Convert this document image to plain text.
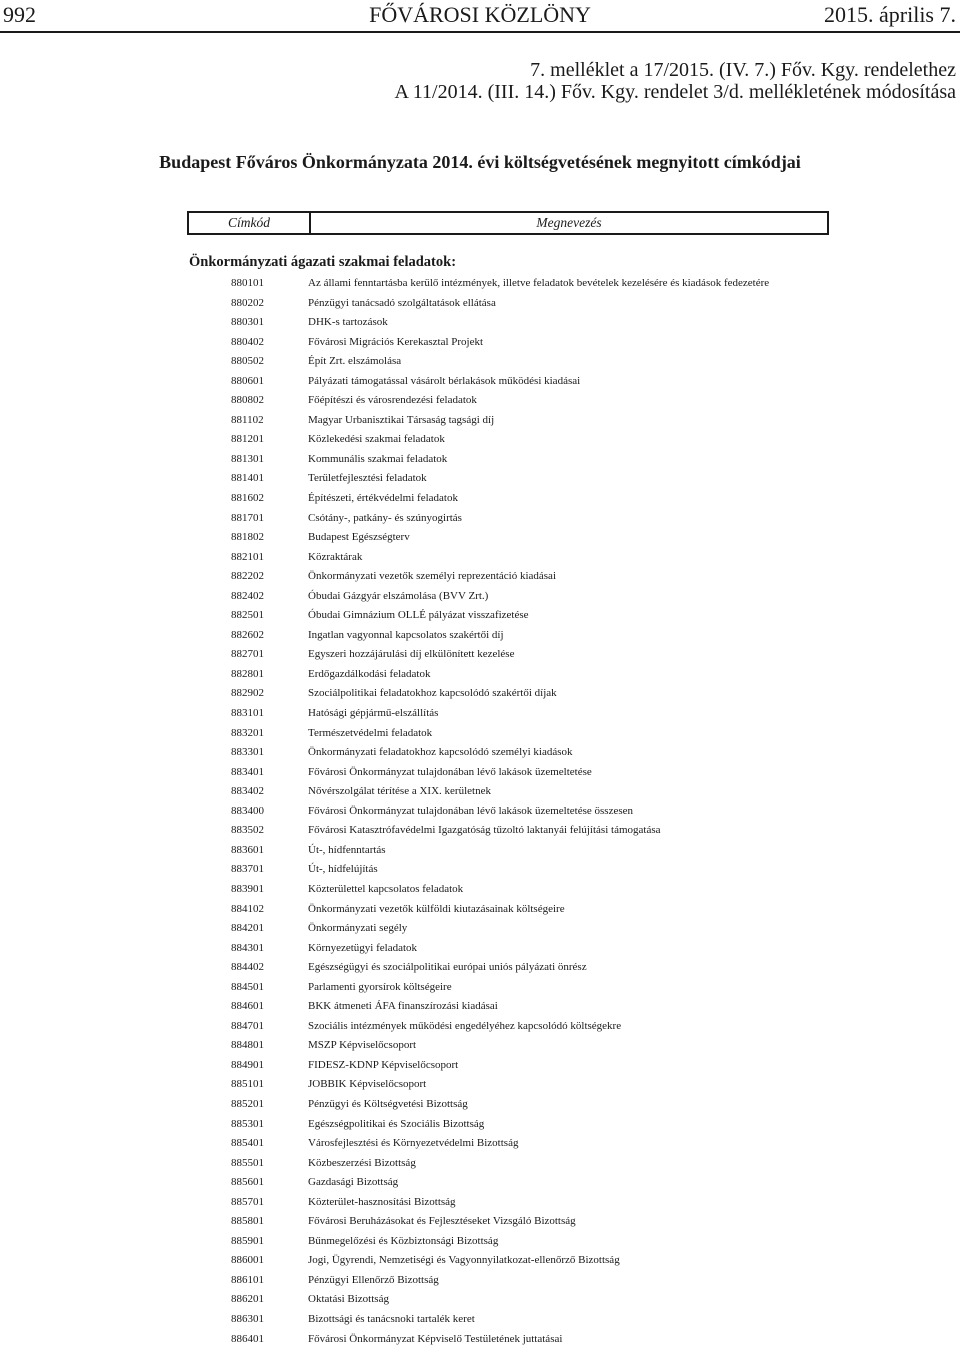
FŐVÁROSI KÖZLÖNY
992	2015. április 7.
7. melléklet a 17/2015. (IV. 7.) Főv. Kgy. rendelethez
A 11/2014. (III. 14.) Főv. Kgy. rendelet 3/d. mellékletének módosítása
Budapest Főváros Önkormányzata 2014. évi költségvetésének megnyitott címkódjai
Címkód	Megnevezés
Önkormányzati ágazati szakmai feladatok:
880101	Az állami fenntartásba kerülő intézmények, illetve feladatok bevételek kezelésére és kiadások fedezetére
880202	Pénzügyi tanácsadó szolgáltatások ellátása
880301	DHK-s tartozások
880402	Fővárosi Migrációs Kerekasztal Projekt
880502	Épít Zrt. elszámolása
880601	Pályázati támogatással vásárolt bérlakások működési kiadásai
880802	Főépítészi és városrendezési feladatok
881102	Magyar Urbanisztikai Társaság tagsági díj
881201	Közlekedési szakmai feladatok
881301	Kommunális szakmai feladatok
881401	Területfejlesztési feladatok
881602	Építészeti, értékvédelmi feladatok
881701	Csótány-, patkány- és szúnyogirtás
881802	Budapest Egészségterv
882101	Közraktárak
882202	Önkormányzati vezetők személyi reprezentáció kiadásai
882402	Óbudai Gázgyár elszámolása (BVV Zrt.)
882501	Óbudai Gimnázium OLLÉ pályázat visszafizetése
882602	Ingatlan vagyonnal kapcsolatos szakértői díj
882701	Egyszeri hozzájárulási díj elkülönített kezelése
882801	Erdőgazdálkodási feladatok
882902	Szociálpolitikai feladatokhoz kapcsolódó szakértői díjak
883101	Hatósági gépjármű-elszállítás
883201	Természetvédelmi feladatok
883301	Önkormányzati feladatokhoz kapcsolódó személyi kiadások
883401	Fővárosi Önkormányzat tulajdonában lévő lakások üzemeltetése
883402	Nővérszolgálat térítése a XIX. kerületnek
883400	Fővárosi Önkormányzat tulajdonában lévő lakások üzemeltetése összesen
883502	Fővárosi Katasztrófavédelmi Igazgatóság tűzoltó laktanyái felújítási támogatása
883601	Út-, hídfenntartás
883701	Út-, hídfelújítás
883901	Közterülettel kapcsolatos feladatok
884102	Önkormányzati vezetők külföldi kiutazásainak költségeire
884201	Önkormányzati segély
884301	Környezetügyi feladatok
884402	Egészségügyi és szociálpolitikai európai uniós pályázati önrész
884501	Parlamenti gyorsírok költségeire
884601	BKK átmeneti ÁFA finanszírozási kiadásai
884701	Szociális intézmények működési engedélyéhez kapcsolódó költségekre
884801	MSZP Képviselőcsoport
884901	FIDESZ-KDNP Képviselőcsoport
885101	JOBBIK Képviselőcsoport
885201	Pénzügyi és Költségvetési Bizottság
885301	Egészségpolitikai és Szociális Bizottság
885401	Városfejlesztési és Környezetvédelmi Bizottság
885501	Közbeszerzési Bizottság
885601	Gazdasági Bizottság
885701	Közterület-hasznosítási Bizottság
885801	Fővárosi Beruházásokat és Fejlesztéseket Vizsgáló Bizottság
885901	Bűnmegelőzési és Közbiztonsági Bizottság
886001	Jogi, Ügyrendi, Nemzetiségi és Vagyonnyilatkozat-ellenőrző Bizottság
886101	Pénzügyi Ellenőrző Bizottság
886201	Oktatási Bizottság
886301	Bizottsági és tanácsnoki tartalék keret
886401	Fővárosi Önkormányzat Képviselő Testületének juttatásai
